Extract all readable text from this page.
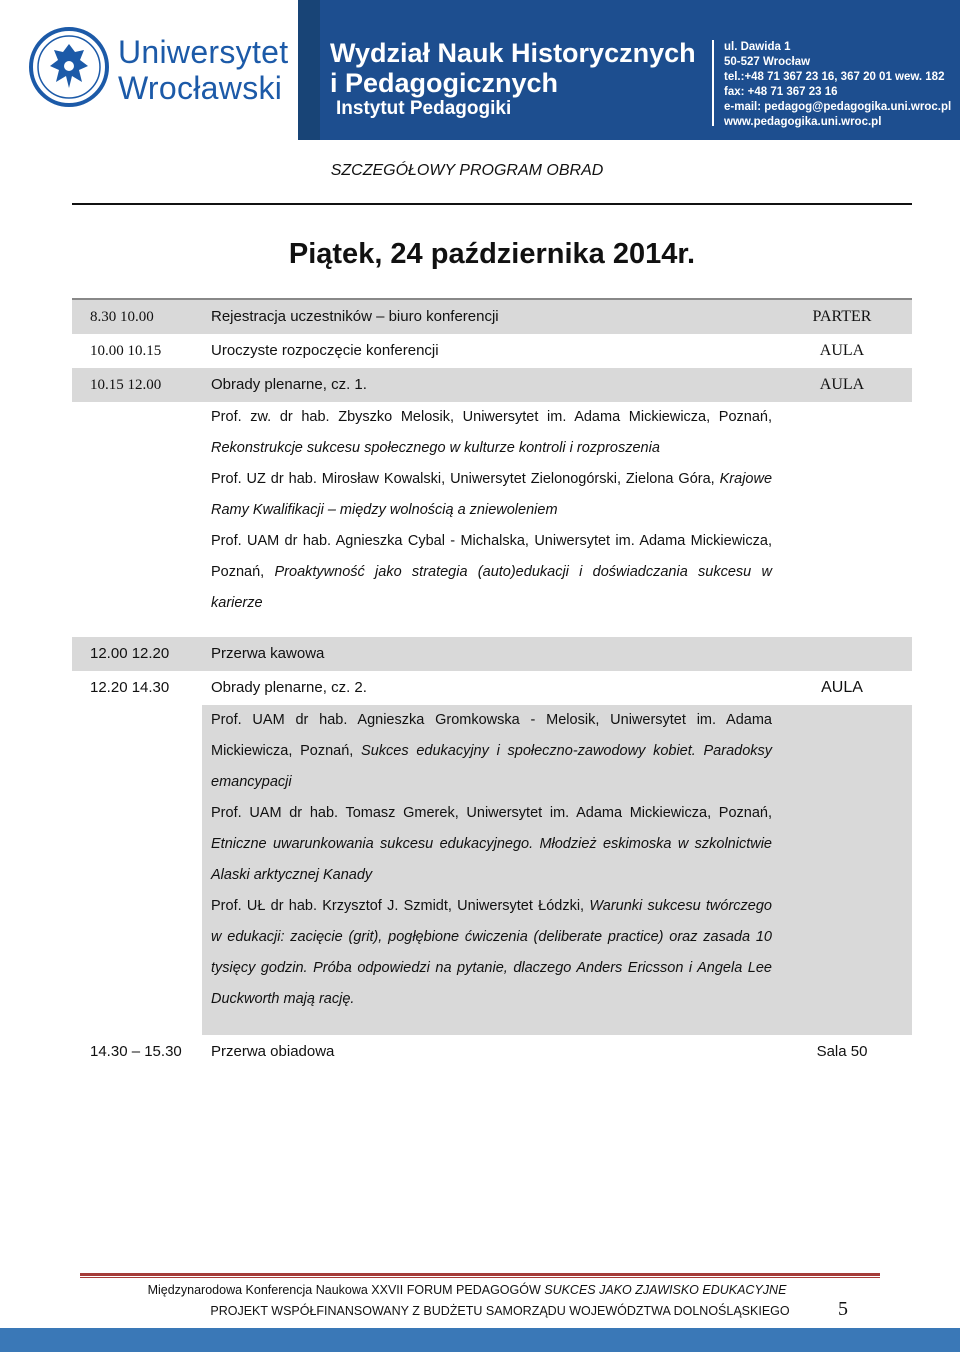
Uniwersytet
Wrocławski
Wydział Nauk Historycznych
i Pedagogicznych
Instytut Pedagogiki
ul. Dawida 1
50-527 Wrocław
tel.:+48 71 367 23 16, 367 20 01 wew. 182
fax: +48 71 367 23 16
e-mail: pedagog@pedagogika.uni.wroc.pl
www.pedagogika.uni.wroc.pl
SZCZEGÓŁOWY PROGRAM OBRAD
Piątek, 24 października 2014r.
8.30 10.00	Rejestracja uczestników – biuro konferencji	PARTER
10.00 10.15	Uroczyste rozpoczęcie konferencji	AULA
10.15 12.00	Obrady plenarne, cz. 1.	AULA
Prof. zw. dr hab. Zbyszko Melosik, Uniwersytet im. Adama Mickiewicza, Poznań, Rekonstrukcje sukcesu społecznego w kulturze kontroli i rozproszenia
Prof. UZ dr hab. Mirosław Kowalski, Uniwersytet Zielonogórski, Zielona Góra, Krajowe Ramy Kwalifikacji – między wolnością a zniewoleniem
Prof. UAM dr hab. Agnieszka Cybal - Michalska, Uniwersytet im. Adama Mickiewicza, Poznań, Proaktywność jako strategia (auto)edukacji i doświadczania sukcesu w karierze
12.00 12.20	Przerwa kawowa
12.20 14.30	Obrady plenarne, cz. 2.	AULA
Prof. UAM dr hab. Agnieszka Gromkowska - Melosik, Uniwersytet im. Adama Mickiewicza, Poznań, Sukces edukacyjny i społeczno-zawodowy kobiet. Paradoksy emancypacji
Prof. UAM dr hab. Tomasz Gmerek, Uniwersytet im. Adama Mickiewicza, Poznań, Etniczne uwarunkowania sukcesu edukacyjnego. Młodzież eskimoska w szkolnictwie Alaski arktycznej Kanady
Prof. UŁ dr hab. Krzysztof J. Szmidt, Uniwersytet Łódzki, Warunki sukcesu twórczego w edukacji: zacięcie (grit), pogłębione ćwiczenia (deliberate practice) oraz zasada 10 tysięcy godzin. Próba odpowiedzi na pytanie, dlaczego Anders Ericsson i Angela Lee Duckworth mają rację.
14.30 – 15.30	Przerwa obiadowa	Sala 50
Międzynarodowa Konferencja Naukowa XXVII FORUM PEDAGOGÓW SUKCES JAKO ZJAWISKO EDUKACYJNE
PROJEKT WSPÓŁFINANSOWANY Z BUDŻETU SAMORZĄDU WOJEWÓDZTWA DOLNOŚLĄSKIEGO	5
